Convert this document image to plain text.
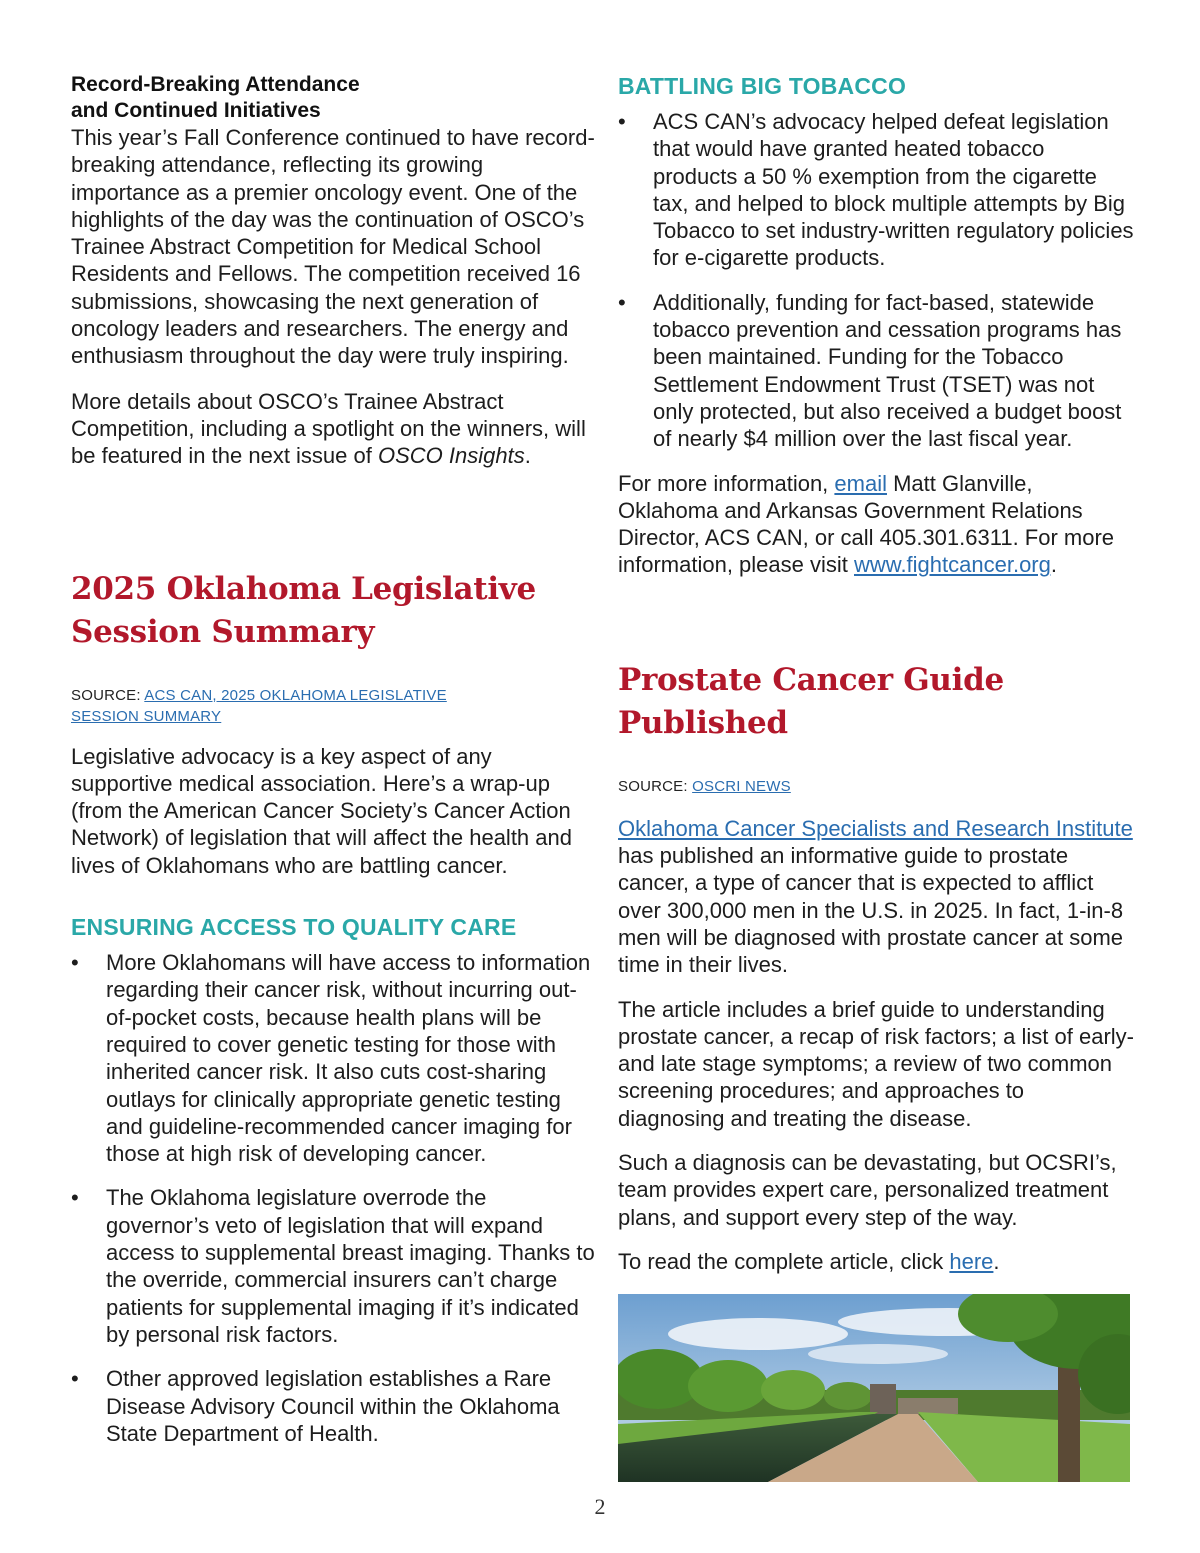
Record-Breaking Attendance
and Continued Initiatives

This year’s Fall Conference continued to have record-breaking attendance, reflecting its growing importance as a premier oncology event. One of the highlights of the day was the continuation of OSCO’s Trainee Abstract Competition for Medical School Residents and Fellows. The competition received 16 submissions, showcasing the next generation of oncology leaders and researchers. The energy and enthusiasm throughout the day were truly inspiring.

More details about OSCO’s Trainee Abstract Competition, including a spotlight on the winners, will be featured in the next issue of OSCO Insights.

2025 Oklahoma Legislative
Session Summary
SOURCE: ACS CAN, 2025 OKLAHOMA LEGISLATIVE
SESSION SUMMARY

Legislative advocacy is a key aspect of any supportive medical association. Here’s a wrap-up (from the American Cancer Society’s Cancer Action Network) of legislation that will affect the health and lives of Oklahomans who are battling cancer.

ENSURING ACCESS TO QUALITY CARE
•	More Oklahomans will have access to information regarding their cancer risk, without incurring out-of-pocket costs, because health plans will be required to cover genetic testing for those with inherited cancer risk. It also cuts cost-sharing outlays for clinically appropriate genetic testing and guideline-recommended cancer imaging for those at high risk of developing cancer.
•	The Oklahoma legislature overrode the governor’s veto of legislation that will expand access to supplemental breast imaging. Thanks to the override, commercial insurers can’t charge patients for supplemental imaging if it’s indicated by personal risk factors.
•	Other approved legislation establishes a Rare Disease Advisory Council within the Oklahoma State Department of Health.
BATTLING BIG TOBACCO
•	ACS CAN’s advocacy helped defeat legislation that would have granted heated tobacco products a 50 % exemption from the cigarette tax, and helped to block multiple attempts by Big Tobacco to set industry-written regulatory policies for e-cigarette products.
•	Additionally, funding for fact-based, statewide tobacco prevention and cessation programs has been maintained. Funding for the Tobacco Settlement Endowment Trust (TSET) was not only protected, but also received a budget boost of nearly $4 million over the last fiscal year.

For more information, email Matt Glanville, Oklahoma and Arkansas Government Relations Director, ACS CAN, or call 405.301.6311. For more information, please visit www.fightcancer.org.

Prostate Cancer Guide Published
SOURCE: OSCRI NEWS

Oklahoma Cancer Specialists and Research Institute has published an informative guide to prostate cancer, a type of cancer that is expected to afflict over 300,000 men in the U.S. in 2025. In fact, 1-in-8 men will be diagnosed with prostate cancer at some time in their lives.

The article includes a brief guide to understanding prostate cancer, a recap of risk factors; a list of early- and late stage symptoms; a review of two common screening procedures; and approaches to diagnosing and treating the disease.

Such a diagnosis can be devastating, but OCSRI’s, team provides expert care, personalized treatment plans, and support every step of the way.

To read the complete article, click here.

2
